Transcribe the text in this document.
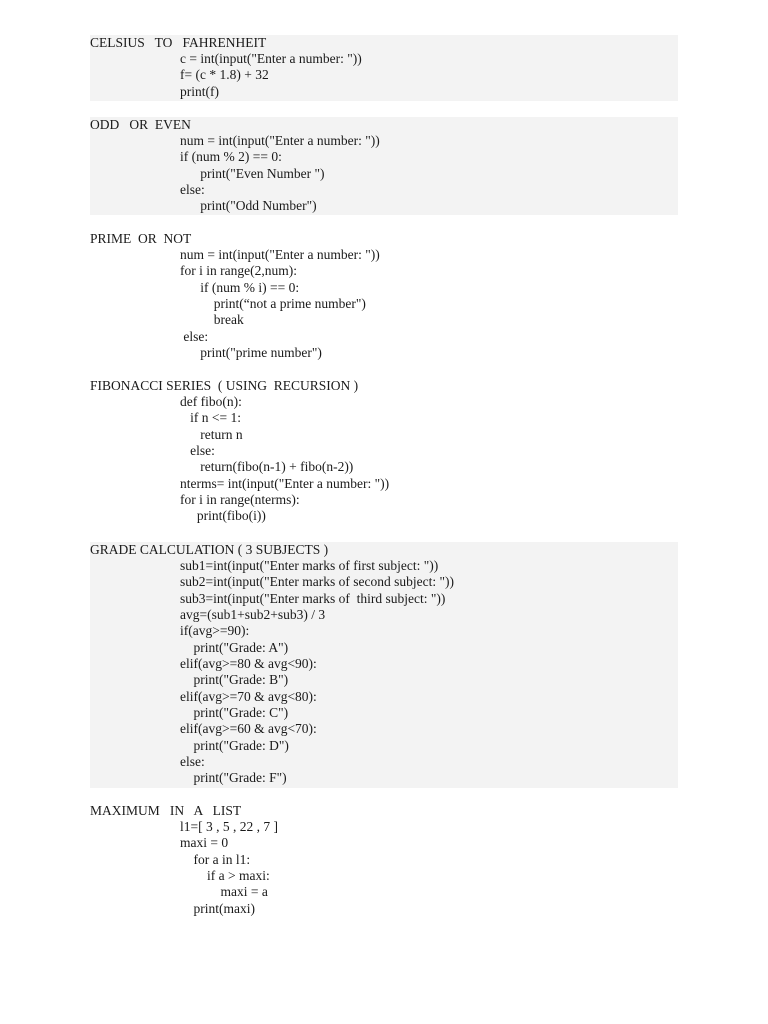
CELSIUS   TO   FAHRENHEIT
c = int(input("Enter a number: "))
f= (c * 1.8) + 32
print(f)
ODD   OR  EVEN
num = int(input("Enter a number: "))
if (num % 2) == 0:
print("Even Number ")
else:
print("Odd Number")
PRIME  OR  NOT
num = int(input("Enter a number: "))
for i in range(2,num):
if (num % i) == 0:
print(“not a prime number")
break
else:
print("prime number")
FIBONACCI SERIES  ( USING  RECURSION )
def fibo(n):
if n <= 1:
return n
else:
return(fibo(n-1) + fibo(n-2))
nterms= int(input("Enter a number: "))
for i in range(nterms):
print(fibo(i))
GRADE CALCULATION ( 3 SUBJECTS )
sub1=int(input("Enter marks of first subject: "))
sub2=int(input("Enter marks of second subject: "))
sub3=int(input("Enter marks of  third subject: "))
avg=(sub1+sub2+sub3) / 3
if(avg>=90):
print("Grade: A")
elif(avg>=80 & avg<90):
print("Grade: B")
elif(avg>=70 & avg<80):
print("Grade: C")
elif(avg>=60 & avg<70):
print("Grade: D")
else:
print("Grade: F")
MAXIMUM   IN   A   LIST
l1=[ 3 , 5 , 22 , 7 ]
maxi = 0
for a in l1:
if a > maxi:
maxi = a
print(maxi)
